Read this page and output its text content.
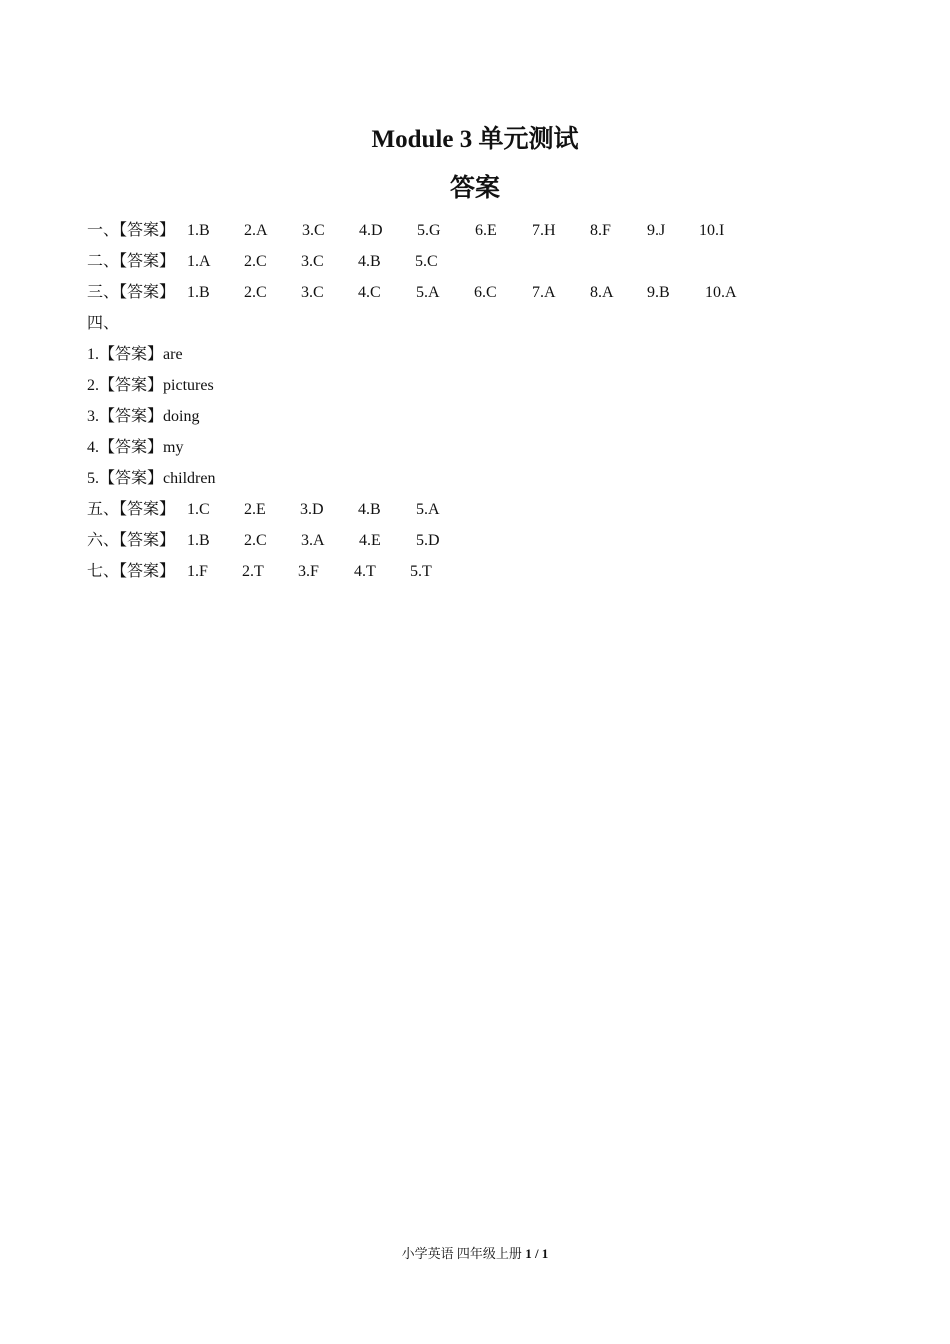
Module 3 单元测试
答案
一、【答案】 1.B 2.A 3.C 4.D 5.G 6.E 7.H 8.F 9.J 10.I
二、【答案】 1.A 2.C 3.C 4.B 5.C
三、【答案】 1.B 2.C 3.C 4.C 5.A 6.C 7.A 8.A 9.B 10.A
四、
1.【答案】are
2.【答案】pictures
3.【答案】doing
4.【答案】my
5.【答案】children
五、【答案】 1.C 2.E 3.D 4.B 5.A
六、【答案】 1.B 2.C 3.A 4.E 5.D
七、【答案】 1.F 2.T 3.F 4.T 5.T
小学英语 四年级上册 1 / 1
